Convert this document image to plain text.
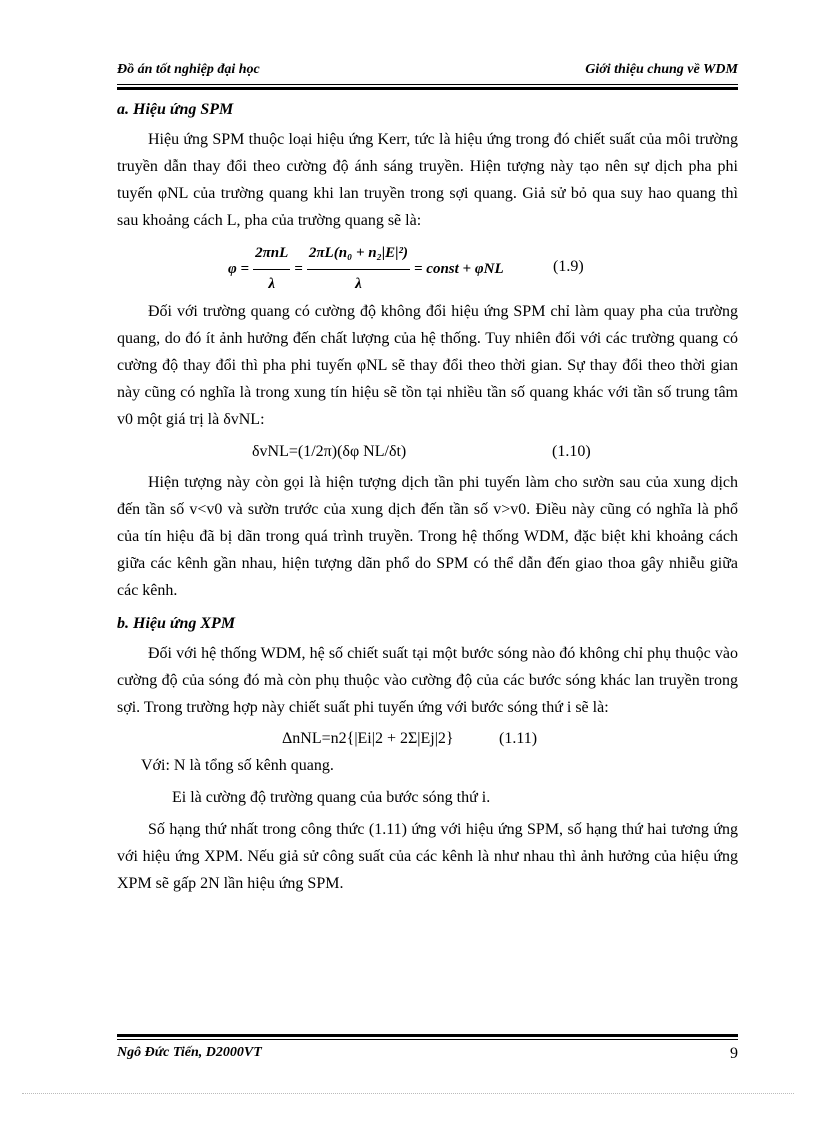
Đồ án tốt nghiệp đại học	Giới thiệu chung về WDM
a. Hiệu ứng SPM

Hiệu ứng SPM thuộc loại hiệu ứng Kerr, tức là hiệu ứng trong đó chiết suất của môi trường truyền dẫn thay đổi theo cường độ ánh sáng truyền. Hiện tượng này tạo nên sự dịch pha phi tuyến φNL của trường quang khi lan truyền trong sợi quang. Giả sử bỏ qua suy hao quang thì sau khoảng cách L, pha của trường quang sẽ là:

$\varphi = \frac{\text{2πnL}}{\lambda} = \frac{\text{2πL(n₀ + n₂|E|²)}}{\lambda}$ = const + φNL	(1.9)

Đối với trường quang có cường độ không đổi hiệu ứng SPM chỉ làm quay pha của trường quang, do đó ít ảnh hưởng đến chất lượng của hệ thống. Tuy nhiên đối với các trường quang có cường độ thay đổi thì pha phi tuyến φNL sẽ thay đổi theo thời gian. Sự thay đổi theo thời gian này cũng có nghĩa là trong xung tín hiệu sẽ tồn tại nhiều tần số quang khác với tần số trung tâm v0 một giá trị là δvNL:

δvNL=(1/2π)(δφ NL/δt)	(1.10)

Hiện tượng này còn gọi là hiện tượng dịch tần phi tuyến làm cho sườn sau của xung dịch đến tần số v<v0 và sườn trước của xung dịch đến tần số v>v0. Điều này cũng có nghĩa là phổ của tín hiệu đã bị dãn trong quá trình truyền. Trong hệ thống WDM, đặc biệt khi khoảng cách giữa các kênh gần nhau, hiện tượng dãn phổ do SPM có thể dẫn đến giao thoa gây nhiễu giữa các kênh.

b. Hiệu ứng XPM

Đối với hệ thống WDM, hệ số chiết suất tại một bước sóng nào đó không chỉ phụ thuộc vào cường độ của sóng đó mà còn phụ thuộc vào cường độ của các bước sóng khác lan truyền trong sợi. Trong trường hợp này chiết suất phi tuyến ứng với bước sóng thứ i sẽ là:

ΔnNL=n2{|Ei|2 + 2Σ|Ej|2}	(1.11)
Với: N là tổng số kênh quang.
Ei là cường độ trường quang của bước sóng thứ i.

Số hạng thứ nhất trong công thức (1.11) ứng với hiệu ứng SPM, số hạng thứ hai tương ứng với hiệu ứng XPM. Nếu giả sử công suất của các kênh là như nhau thì ảnh hưởng của hiệu ứng XPM sẽ gấp 2N lần hiệu ứng SPM.

Ngô Đức Tiến, D2000VT	9
